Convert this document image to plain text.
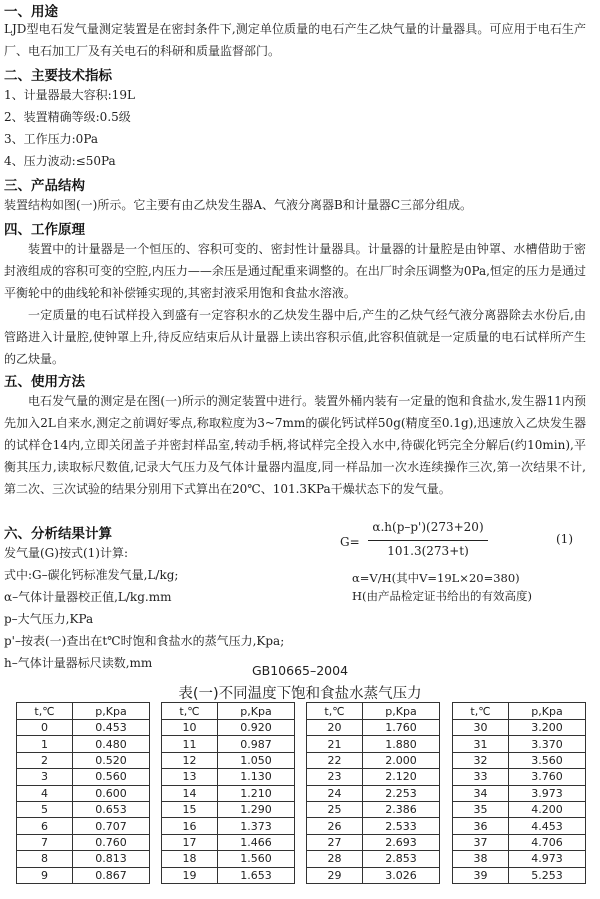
一、用途
LJD型电石发气量测定装置是在密封条件下,测定单位质量的电石产生乙炔气量的计量器具。可应用于电石生产厂、电石加工厂及有关电石的科研和质量监督部门。
二、主要技术指标
1、计量器最大容积:19L
2、装置精确等级:0.5级
3、工作压力:0Pa
4、压力波动:≤50Pa
三、产品结构
装置结构如图(一)所示。它主要有由乙炔发生器A、气液分离器B和计量器C三部分组成。
四、工作原理
装置中的计量器是一个恒压的、容积可变的、密封性计量器具。计量器的计量腔是由钟罩、水槽借助于密封液组成的容积可变的空腔,内压力——余压是通过配重来调整的。在出厂时余压调整为0Pa,恒定的压力是通过平衡轮中的曲线轮和补偿锤实现的,其密封液采用饱和食盐水溶液。
一定质量的电石试样投入到盛有一定容积水的乙炔发生器中后,产生的乙炔气经气液分离器除去水份后,由管路进入计量腔,使钟罩上升,待反应结束后从计量器上读出容积示值,此容积值就是一定质量的电石试样所产生的乙炔量。
五、使用方法
电石发气量的测定是在图(一)所示的测定装置中进行。装置外桶内装有一定量的饱和食盐水,发生器11内预先加入2L自来水,测定之前调好零点,称取粒度为3~7mm的碳化钙试样50g(精度至0.1g),迅速放入乙炔发生器的试样仓14内,立即关闭盖子并密封样品室,转动手柄,将试样完全投入水中,待碳化钙完全分解后(约10min),平衡其压力,读取标尺数值,记录大气压力及气体计量器内温度,同一样品加一次水连续操作三次,第一次结果不计,第二次、三次试验的结果分别用下式算出在20℃、101.3KPa干燥状态下的发气量。
六、分析结果计算
发气量(G)按式(1)计算:
式中:G–碳化钙标准发气量,L/kg;
α–气体计量器校正值,L/kg.mm
p–大气压力,KPa
p'–按表(一)查出在t℃时饱和食盐水的蒸气压力,Kpa;
h–气体计量器标尺读数,mm
G=
α.h(p–p')(273+20)
101.3(273+t)
(1)
α=V/H(其中V=19L×20=380)
H(由产品检定证书给出的有效高度)
GB10665–2004
表(一)不同温度下饱和食盐水蒸气压力
t,℃	p,Kpa
0	0.453
1	0.480
2	0.520
3	0.560
4	0.600
5	0.653
6	0.707
7	0.760
8	0.813
9	0.867
t,℃	p,Kpa
10	0.920
11	0.987
12	1.050
13	1.130
14	1.210
15	1.290
16	1.373
17	1.466
18	1.560
19	1.653
t,℃	p,Kpa
20	1.760
21	1.880
22	2.000
23	2.120
24	2.253
25	2.386
26	2.533
27	2.693
28	2.853
29	3.026
t,℃	p,Kpa
30	3.200
31	3.370
32	3.560
33	3.760
34	3.973
35	4.200
36	4.453
37	4.706
38	4.973
39	5.253
